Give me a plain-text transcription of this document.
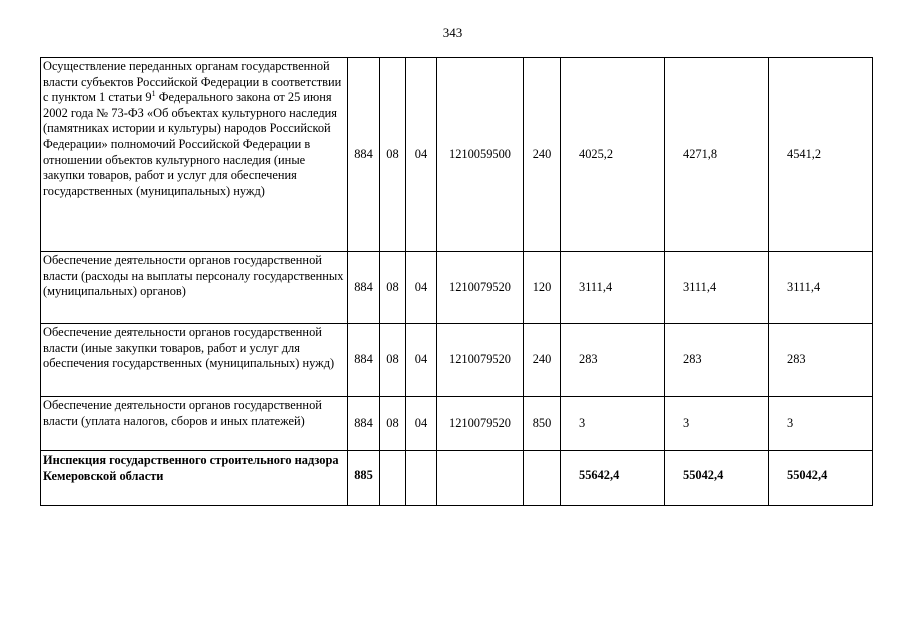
343
Осуществление переданных органам государственной власти субъектов Российской Федерации в соответствии с пунктом 1 статьи $9^1$ Федерального закона от 25 июня 2002 года № 73-ФЗ «Об объектах культурного наследия (памятниках истории и культуры) народов Российской Федерации» полномочий Российской Федерации в отношении объектов культурного наследия (иные закупки товаров, работ и услуг для обеспечения государственных (муниципальных) нужд)	884	08	04	1210059500	240	4025,2	4271,8	4541,2
Обеспечение деятельности органов государственной власти (расходы на выплаты персоналу государственных (муниципальных) органов)	884	08	04	1210079520	120	3111,4	3111,4	3111,4
Обеспечение деятельности органов государственной власти (иные закупки товаров, работ и услуг для обеспечения государственных (муниципальных) нужд)	884	08	04	1210079520	240	283	283	283
Обеспечение деятельности органов государственной власти (уплата налогов, сборов и иных платежей)	884	08	04	1210079520	850	3	3	3
Инспекция государственного строительного надзора Кемеровской области	885					55642,4	55042,4	55042,4
